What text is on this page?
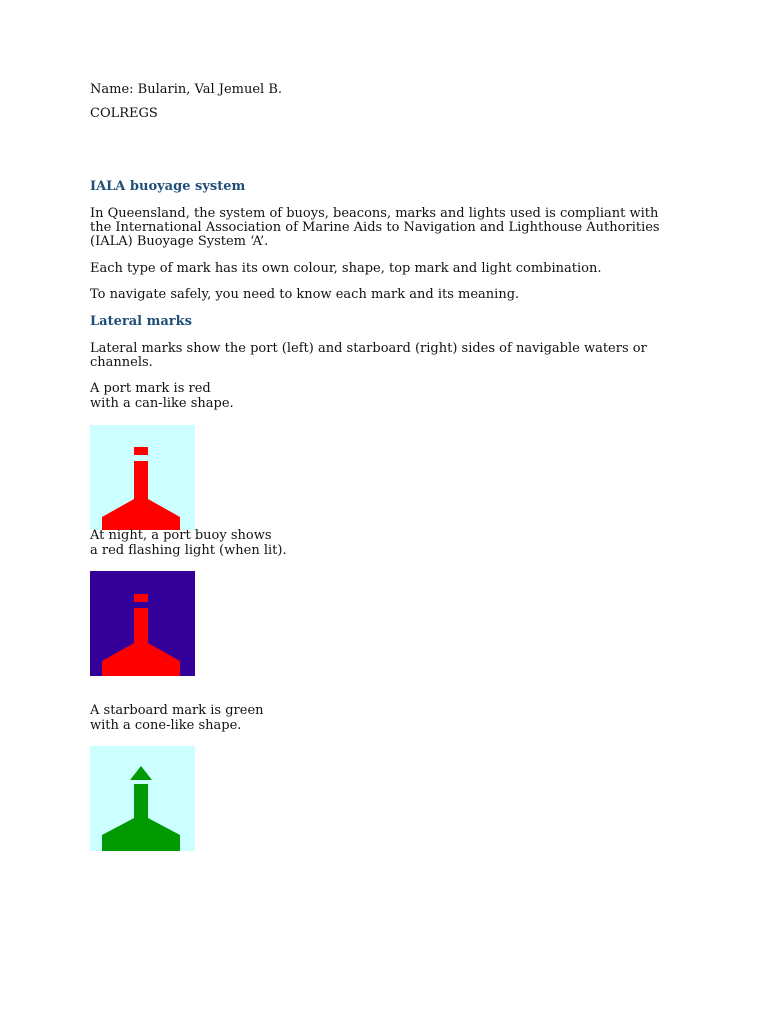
Name: Bularin, Val Jemuel B.

COLREGS

IALA buoyage system

In Queensland, the system of buoys, beacons, marks and lights used is compliant with the International Association of Marine Aids to Navigation and Lighthouse Authorities (IALA) Buoyage System ‘A’.

Each type of mark has its own colour, shape, top mark and light combination.

To navigate safely, you need to know each mark and its meaning.

Lateral marks

Lateral marks show the port (left) and starboard (right) sides of navigable waters or channels.

A port mark is red

with a can-like shape.

At night, a port buoy shows

a red flashing light (when lit).

A starboard mark is green

with a cone-like shape.
